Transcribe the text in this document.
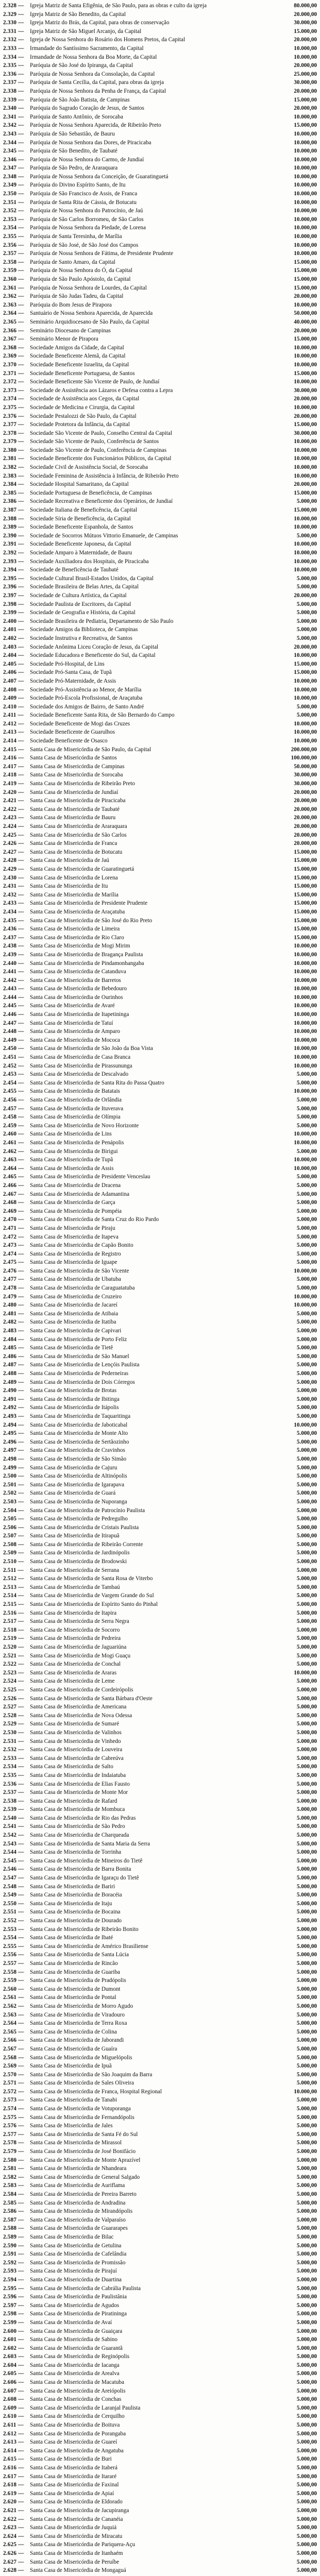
2.328 —	Igreja Matriz de Santa Efigênia, de São Paulo, para as obras e culto da igreja	80.000,00
2.329 —	Igreja Matriz de São Benedito, da Capital	20.000,00
2.330 —	Igreja Matriz do Brás, da Capital, para obras de conservação	30.000,00
2.331 —	Igreja Matriz de São Miguel Arcanjo, da Capital	15.000,00
2.332 —	Igreja de Nossa Senhora do Rosário dos Homens Pretos, da Capital	20.000,00
2.333 —	Irmandade do Santíssimo Sacramento, da Capital	10.000,00
2.334 —	Irmandade de Nossa Senhora da Boa Morte, da Capital	10.000,00
2.335 —	Paróquia de São José do Ipiranga, da Capital	20.000,00
2.336 —	Paróquia de Nossa Senhora da Consolação, da Capital	25.000,00
2.337 —	Paróquia de Santa Cecília, da Capital, para obras da igreja	30.000,00
2.338 —	Paróquia de Nossa Senhora da Penha de França, da Capital	20.000,00
2.339 —	Paróquia de São João Batista, de Campinas	15.000,00
2.340 —	Paróquia do Sagrado Coração de Jesus, de Santos	20.000,00
2.341 —	Paróquia de Santo Antônio, de Sorocaba	10.000,00
2.342 —	Paróquia de Nossa Senhora Aparecida, de Ribeirão Preto	15.000,00
2.343 —	Paróquia de São Sebastião, de Bauru	10.000,00
2.344 —	Paróquia de Nossa Senhora das Dores, de Piracicaba	10.000,00
2.345 —	Paróquia de São Benedito, de Taubaté	10.000,00
2.346 —	Paróquia de Nossa Senhora do Carmo, de Jundiaí	10.000,00
2.347 —	Paróquia de São Pedro, de Araraquara	10.000,00
2.348 —	Paróquia de Nossa Senhora da Conceição, de Guaratinguetá	10.000,00
2.349 —	Paróquia do Divino Espírito Santo, de Itu	10.000,00
2.350 —	Paróquia de São Francisco de Assis, de Franca	10.000,00
2.351 —	Paróquia de Santa Rita de Cássia, de Botucatu	10.000,00
2.352 —	Paróquia de Nossa Senhora do Patrocínio, de Jaú	10.000,00
2.353 —	Paróquia de São Carlos Borromeu, de São Carlos	10.000,00
2.354 —	Paróquia de Nossa Senhora da Piedade, de Lorena	10.000,00
2.355 —	Paróquia de Santa Teresinha, de Marília	10.000,00
2.356 —	Paróquia de São José, de São José dos Campos	10.000,00
2.357 —	Paróquia de Nossa Senhora de Fátima, de Presidente Prudente	10.000,00
2.358 —	Paróquia de Santo Amaro, da Capital	15.000,00
2.359 —	Paróquia de Nossa Senhora do Ó, da Capital	15.000,00
2.360 —	Paróquia de São Paulo Apóstolo, da Capital	15.000,00
2.361 —	Paróquia de Nossa Senhora de Lourdes, da Capital	15.000,00
2.362 —	Paróquia de São Judas Tadeu, da Capital	20.000,00
2.363 —	Paróquia do Bom Jesus de Pirapora	10.000,00
2.364 —	Santuário de Nossa Senhora Aparecida, de Aparecida	50.000,00
2.365 —	Seminário Arquidiocesano de São Paulo, da Capital	40.000,00
2.366 —	Seminário Diocesano de Campinas	20.000,00
2.367 —	Seminário Menor de Pirapora	15.000,00
2.368 —	Sociedade Amigos da Cidade, da Capital	10.000,00
2.369 —	Sociedade Beneficente Alemã, da Capital	10.000,00
2.370 —	Sociedade Beneficente Israelita, da Capital	10.000,00
2.371 —	Sociedade Beneficente Portuguesa, de Santos	15.000,00
2.372 —	Sociedade Beneficente São Vicente de Paulo, de Jundiaí	10.000,00
2.373 —	Sociedade de Assistência aos Lázaros e Defesa contra a Lepra	30.000,00
2.374 —	Sociedade de Assistência aos Cegos, da Capital	20.000,00
2.375 —	Sociedade de Medicina e Cirurgia, da Capital	10.000,00
2.376 —	Sociedade Pestalozzi de São Paulo, da Capital	20.000,00
2.377 —	Sociedade Protetora da Infância, da Capital	15.000,00
2.378 —	Sociedade São Vicente de Paulo, Conselho Central da Capital	30.000,00
2.379 —	Sociedade São Vicente de Paulo, Conferência de Santos	10.000,00
2.380 —	Sociedade São Vicente de Paulo, Conferência de Campinas	10.000,00
2.381 —	Sociedade Beneficente dos Funcionários Públicos, da Capital	10.000,00
2.382 —	Sociedade Civil de Assistência Social, de Sorocaba	10.000,00
2.383 —	Sociedade Feminina de Assistência à Infância, de Ribeirão Preto	10.000,00
2.384 —	Sociedade Hospital Samaritano, da Capital	20.000,00
2.385 —	Sociedade Portuguesa de Beneficência, de Campinas	15.000,00
2.386 —	Sociedade Recreativa e Beneficente dos Operários, de Jundiaí	5.000,00
2.387 —	Sociedade Italiana de Beneficência, da Capital	15.000,00
2.388 —	Sociedade Síria de Beneficência, da Capital	10.000,00
2.389 —	Sociedade Beneficente Espanhola, de Santos	10.000,00
2.390 —	Sociedade de Socorros Mútuos Vittorio Emanuele, de Campinas	5.000,00
2.391 —	Sociedade Beneficente Japonesa, da Capital	10.000,00
2.392 —	Sociedade Amparo à Maternidade, de Bauru	10.000,00
2.393 —	Sociedade Auxiliadora dos Hospitais, de Piracicaba	10.000,00
2.394 —	Sociedade de Beneficência de Taubaté	10.000,00
2.395 —	Sociedade Cultural Brasil-Estados Unidos, da Capital	5.000,00
2.396 —	Sociedade Brasileira de Belas Artes, da Capital	5.000,00
2.397 —	Sociedade de Cultura Artística, da Capital	20.000,00
2.398 —	Sociedade Paulista de Escritores, da Capital	5.000,00
2.399 —	Sociedade de Geografia e História, da Capital	5.000,00
2.400 —	Sociedade Brasileira de Pediatria, Departamento de São Paulo	5.000,00
2.401 —	Sociedade Amigos da Biblioteca, de Campinas	5.000,00
2.402 —	Sociedade Instrutiva e Recreativa, de Santos	5.000,00
2.403 —	Sociedade Anônima Liceu Coração de Jesus, da Capital	20.000,00
2.404 —	Sociedade Educadora e Beneficente do Sul, da Capital	10.000,00
2.405 —	Sociedade Pró-Hospital, de Lins	15.000,00
2.406 —	Sociedade Pró-Santa Casa, de Tupã	15.000,00
2.407 —	Sociedade Pró-Maternidade, de Assis	10.000,00
2.408 —	Sociedade Pró-Assistência ao Menor, de Marília	10.000,00
2.409 —	Sociedade Pró-Escola Profissional, de Araçatuba	10.000,00
2.410 —	Sociedade dos Amigos de Bairro, de Santo André	5.000,00
2.411 —	Sociedade Beneficente Santa Rita, de São Bernardo do Campo	5.000,00
2.412 —	Sociedade Beneficente de Mogi das Cruzes	10.000,00
2.413 —	Sociedade Beneficente de Guarulhos	10.000,00
2.414 —	Sociedade Beneficente de Osasco	10.000,00
2.415 —	Santa Casa de Misericórdia de São Paulo, da Capital	200.000,00
2.416 —	Santa Casa de Misericórdia de Santos	100.000,00
2.417 —	Santa Casa de Misericórdia de Campinas	50.000,00
2.418 —	Santa Casa de Misericórdia de Sorocaba	30.000,00
2.419 —	Santa Casa de Misericórdia de Ribeirão Preto	30.000,00
2.420 —	Santa Casa de Misericórdia de Jundiaí	20.000,00
2.421 —	Santa Casa de Misericórdia de Piracicaba	20.000,00
2.422 —	Santa Casa de Misericórdia de Taubaté	20.000,00
2.423 —	Santa Casa de Misericórdia de Bauru	20.000,00
2.424 —	Santa Casa de Misericórdia de Araraquara	20.000,00
2.425 —	Santa Casa de Misericórdia de São Carlos	20.000,00
2.426 —	Santa Casa de Misericórdia de Franca	20.000,00
2.427 —	Santa Casa de Misericórdia de Botucatu	15.000,00
2.428 —	Santa Casa de Misericórdia de Jaú	15.000,00
2.429 —	Santa Casa de Misericórdia de Guaratinguetá	15.000,00
2.430 —	Santa Casa de Misericórdia de Lorena	15.000,00
2.431 —	Santa Casa de Misericórdia de Itu	15.000,00
2.432 —	Santa Casa de Misericórdia de Marília	15.000,00
2.433 —	Santa Casa de Misericórdia de Presidente Prudente	15.000,00
2.434 —	Santa Casa de Misericórdia de Araçatuba	15.000,00
2.435 —	Santa Casa de Misericórdia de São José do Rio Preto	15.000,00
2.436 —	Santa Casa de Misericórdia de Limeira	15.000,00
2.437 —	Santa Casa de Misericórdia de Rio Claro	15.000,00
2.438 —	Santa Casa de Misericórdia de Mogi Mirim	10.000,00
2.439 —	Santa Casa de Misericórdia de Bragança Paulista	10.000,00
2.440 —	Santa Casa de Misericórdia de Pindamonhangaba	10.000,00
2.441 —	Santa Casa de Misericórdia de Catanduva	10.000,00
2.442 —	Santa Casa de Misericórdia de Barretos	10.000,00
2.443 —	Santa Casa de Misericórdia de Bebedouro	10.000,00
2.444 —	Santa Casa de Misericórdia de Ourinhos	10.000,00
2.445 —	Santa Casa de Misericórdia de Avaré	10.000,00
2.446 —	Santa Casa de Misericórdia de Itapetininga	10.000,00
2.447 —	Santa Casa de Misericórdia de Tatuí	10.000,00
2.448 —	Santa Casa de Misericórdia de Amparo	10.000,00
2.449 —	Santa Casa de Misericórdia de Mococa	10.000,00
2.450 —	Santa Casa de Misericórdia de São João da Boa Vista	10.000,00
2.451 —	Santa Casa de Misericórdia de Casa Branca	10.000,00
2.452 —	Santa Casa de Misericórdia de Pirassununga	10.000,00
2.453 —	Santa Casa de Misericórdia de Descalvado	5.000,00
2.454 —	Santa Casa de Misericórdia de Santa Rita do Passa Quatro	5.000,00
2.455 —	Santa Casa de Misericórdia de Batatais	10.000,00
2.456 —	Santa Casa de Misericórdia de Orlândia	5.000,00
2.457 —	Santa Casa de Misericórdia de Ituverava	5.000,00
2.458 —	Santa Casa de Misericórdia de Olímpia	5.000,00
2.459 —	Santa Casa de Misericórdia de Novo Horizonte	5.000,00
2.460 —	Santa Casa de Misericórdia de Lins	10.000,00
2.461 —	Santa Casa de Misericórdia de Penápolis	10.000,00
2.462 —	Santa Casa de Misericórdia de Birigui	5.000,00
2.463 —	Santa Casa de Misericórdia de Tupã	10.000,00
2.464 —	Santa Casa de Misericórdia de Assis	10.000,00
2.465 —	Santa Casa de Misericórdia de Presidente Venceslau	5.000,00
2.466 —	Santa Casa de Misericórdia de Dracena	5.000,00
2.467 —	Santa Casa de Misericórdia de Adamantina	5.000,00
2.468 —	Santa Casa de Misericórdia de Garça	5.000,00
2.469 —	Santa Casa de Misericórdia de Pompéia	5.000,00
2.470 —	Santa Casa de Misericórdia de Santa Cruz do Rio Pardo	5.000,00
2.471 —	Santa Casa de Misericórdia de Piraju	5.000,00
2.472 —	Santa Casa de Misericórdia de Itapeva	5.000,00
2.473 —	Santa Casa de Misericórdia de Capão Bonito	5.000,00
2.474 —	Santa Casa de Misericórdia de Registro	5.000,00
2.475 —	Santa Casa de Misericórdia de Iguape	5.000,00
2.476 —	Santa Casa de Misericórdia de São Vicente	10.000,00
2.477 —	Santa Casa de Misericórdia de Ubatuba	5.000,00
2.478 —	Santa Casa de Misericórdia de Caraguatatuba	5.000,00
2.479 —	Santa Casa de Misericórdia de Cruzeiro	10.000,00
2.480 —	Santa Casa de Misericórdia de Jacareí	10.000,00
2.481 —	Santa Casa de Misericórdia de Atibaia	5.000,00
2.482 —	Santa Casa de Misericórdia de Itatiba	5.000,00
2.483 —	Santa Casa de Misericórdia de Capivari	5.000,00
2.484 —	Santa Casa de Misericórdia de Porto Feliz	5.000,00
2.485 —	Santa Casa de Misericórdia de Tietê	5.000,00
2.486 —	Santa Casa de Misericórdia de São Manuel	5.000,00
2.487 —	Santa Casa de Misericórdia de Lençóis Paulista	5.000,00
2.488 —	Santa Casa de Misericórdia de Pederneiras	5.000,00
2.489 —	Santa Casa de Misericórdia de Dois Córregos	5.000,00
2.490 —	Santa Casa de Misericórdia de Brotas	5.000,00
2.491 —	Santa Casa de Misericórdia de Ibitinga	5.000,00
2.492 —	Santa Casa de Misericórdia de Itápolis	5.000,00
2.493 —	Santa Casa de Misericórdia de Taquaritinga	5.000,00
2.494 —	Santa Casa de Misericórdia de Jaboticabal	10.000,00
2.495 —	Santa Casa de Misericórdia de Monte Alto	5.000,00
2.496 —	Santa Casa de Misericórdia de Sertãozinho	5.000,00
2.497 —	Santa Casa de Misericórdia de Cravinhos	5.000,00
2.498 —	Santa Casa de Misericórdia de São Simão	5.000,00
2.499 —	Santa Casa de Misericórdia de Cajuru	5.000,00
2.500 —	Santa Casa de Misericórdia de Altinópolis	5.000,00
2.501 —	Santa Casa de Misericórdia de Igarapava	5.000,00
2.502 —	Santa Casa de Misericórdia de Guará	5.000,00
2.503 —	Santa Casa de Misericórdia de Nuporanga	5.000,00
2.504 —	Santa Casa de Misericórdia de Patrocínio Paulista	5.000,00
2.505 —	Santa Casa de Misericórdia de Pedregulho	5.000,00
2.506 —	Santa Casa de Misericórdia de Cristais Paulista	5.000,00
2.507 —	Santa Casa de Misericórdia de Itirapuã	5.000,00
2.508 —	Santa Casa de Misericórdia de Ribeirão Corrente	5.000,00
2.509 —	Santa Casa de Misericórdia de Jardinópolis	5.000,00
2.510 —	Santa Casa de Misericórdia de Brodowski	5.000,00
2.511 —	Santa Casa de Misericórdia de Serrana	5.000,00
2.512 —	Santa Casa de Misericórdia de Santa Rosa de Viterbo	5.000,00
2.513 —	Santa Casa de Misericórdia de Tambaú	5.000,00
2.514 —	Santa Casa de Misericórdia de Vargem Grande do Sul	5.000,00
2.515 —	Santa Casa de Misericórdia de Espírito Santo do Pinhal	5.000,00
2.516 —	Santa Casa de Misericórdia de Itapira	5.000,00
2.517 —	Santa Casa de Misericórdia de Serra Negra	5.000,00
2.518 —	Santa Casa de Misericórdia de Socorro	5.000,00
2.519 —	Santa Casa de Misericórdia de Pedreira	5.000,00
2.520 —	Santa Casa de Misericórdia de Jaguariúna	5.000,00
2.521 —	Santa Casa de Misericórdia de Mogi Guaçu	5.000,00
2.522 —	Santa Casa de Misericórdia de Conchal	5.000,00
2.523 —	Santa Casa de Misericórdia de Araras	10.000,00
2.524 —	Santa Casa de Misericórdia de Leme	5.000,00
2.525 —	Santa Casa de Misericórdia de Cordeirópolis	5.000,00
2.526 —	Santa Casa de Misericórdia de Santa Bárbara d'Oeste	5.000,00
2.527 —	Santa Casa de Misericórdia de Americana	5.000,00
2.528 —	Santa Casa de Misericórdia de Nova Odessa	5.000,00
2.529 —	Santa Casa de Misericórdia de Sumaré	5.000,00
2.530 —	Santa Casa de Misericórdia de Valinhos	5.000,00
2.531 —	Santa Casa de Misericórdia de Vinhedo	5.000,00
2.532 —	Santa Casa de Misericórdia de Louveira	5.000,00
2.533 —	Santa Casa de Misericórdia de Cabreúva	5.000,00
2.534 —	Santa Casa de Misericórdia de Salto	5.000,00
2.535 —	Santa Casa de Misericórdia de Indaiatuba	5.000,00
2.536 —	Santa Casa de Misericórdia de Elias Fausto	5.000,00
2.537 —	Santa Casa de Misericórdia de Monte Mor	5.000,00
2.538 —	Santa Casa de Misericórdia de Rafard	5.000,00
2.539 —	Santa Casa de Misericórdia de Mombuca	5.000,00
2.540 —	Santa Casa de Misericórdia de Rio das Pedras	5.000,00
2.541 —	Santa Casa de Misericórdia de São Pedro	5.000,00
2.542 —	Santa Casa de Misericórdia de Charqueada	5.000,00
2.543 —	Santa Casa de Misericórdia de Santa Maria da Serra	5.000,00
2.544 —	Santa Casa de Misericórdia de Torrinha	5.000,00
2.545 —	Santa Casa de Misericórdia de Mineiros do Tietê	5.000,00
2.546 —	Santa Casa de Misericórdia de Barra Bonita	5.000,00
2.547 —	Santa Casa de Misericórdia de Igaraçu do Tietê	5.000,00
2.548 —	Santa Casa de Misericórdia de Bariri	5.000,00
2.549 —	Santa Casa de Misericórdia de Boracéia	5.000,00
2.550 —	Santa Casa de Misericórdia de Itaju	5.000,00
2.551 —	Santa Casa de Misericórdia de Bocaina	5.000,00
2.552 —	Santa Casa de Misericórdia de Dourado	5.000,00
2.553 —	Santa Casa de Misericórdia de Ribeirão Bonito	5.000,00
2.554 —	Santa Casa de Misericórdia de Ibaté	5.000,00
2.555 —	Santa Casa de Misericórdia de Américo Brasiliense	5.000,00
2.556 —	Santa Casa de Misericórdia de Santa Lúcia	5.000,00
2.557 —	Santa Casa de Misericórdia de Rincão	5.000,00
2.558 —	Santa Casa de Misericórdia de Guariba	5.000,00
2.559 —	Santa Casa de Misericórdia de Pradópolis	5.000,00
2.560 —	Santa Casa de Misericórdia de Dumont	5.000,00
2.561 —	Santa Casa de Misericórdia de Pontal	5.000,00
2.562 —	Santa Casa de Misericórdia de Morro Agudo	5.000,00
2.563 —	Santa Casa de Misericórdia de Viradouro	5.000,00
2.564 —	Santa Casa de Misericórdia de Terra Roxa	5.000,00
2.565 —	Santa Casa de Misericórdia de Colina	5.000,00
2.566 —	Santa Casa de Misericórdia de Jaborandi	5.000,00
2.567 —	Santa Casa de Misericórdia de Guaíra	5.000,00
2.568 —	Santa Casa de Misericórdia de Miguelópolis	5.000,00
2.569 —	Santa Casa de Misericórdia de Ipuã	5.000,00
2.570 —	Santa Casa de Misericórdia de São Joaquim da Barra	5.000,00
2.571 —	Santa Casa de Misericórdia de Sales Oliveira	5.000,00
2.572 —	Santa Casa de Misericórdia de Franca, Hospital Regional	10.000,00
2.573 —	Santa Casa de Misericórdia de Tanabi	5.000,00
2.574 —	Santa Casa de Misericórdia de Votuporanga	5.000,00
2.575 —	Santa Casa de Misericórdia de Fernandópolis	5.000,00
2.576 —	Santa Casa de Misericórdia de Jales	5.000,00
2.577 —	Santa Casa de Misericórdia de Santa Fé do Sul	5.000,00
2.578 —	Santa Casa de Misericórdia de Mirassol	5.000,00
2.579 —	Santa Casa de Misericórdia de José Bonifácio	5.000,00
2.580 —	Santa Casa de Misericórdia de Monte Aprazível	5.000,00
2.581 —	Santa Casa de Misericórdia de Nhandeara	5.000,00
2.582 —	Santa Casa de Misericórdia de General Salgado	5.000,00
2.583 —	Santa Casa de Misericórdia de Auriflama	5.000,00
2.584 —	Santa Casa de Misericórdia de Pereira Barreto	5.000,00
2.585 —	Santa Casa de Misericórdia de Andradina	5.000,00
2.586 —	Santa Casa de Misericórdia de Mirandópolis	5.000,00
2.587 —	Santa Casa de Misericórdia de Valparaíso	5.000,00
2.588 —	Santa Casa de Misericórdia de Guararapes	5.000,00
2.589 —	Santa Casa de Misericórdia de Bilac	5.000,00
2.590 —	Santa Casa de Misericórdia de Getulina	5.000,00
2.591 —	Santa Casa de Misericórdia de Cafelândia	5.000,00
2.592 —	Santa Casa de Misericórdia de Promissão	5.000,00
2.593 —	Santa Casa de Misericórdia de Pirajuí	5.000,00
2.594 —	Santa Casa de Misericórdia de Duartina	5.000,00
2.595 —	Santa Casa de Misericórdia de Cabrália Paulista	5.000,00
2.596 —	Santa Casa de Misericórdia de Paulistânia	5.000,00
2.597 —	Santa Casa de Misericórdia de Agudos	5.000,00
2.598 —	Santa Casa de Misericórdia de Piratininga	5.000,00
2.599 —	Santa Casa de Misericórdia de Avaí	5.000,00
2.600 —	Santa Casa de Misericórdia de Guaiçara	5.000,00
2.601 —	Santa Casa de Misericórdia de Sabino	5.000,00
2.602 —	Santa Casa de Misericórdia de Guarantã	5.000,00
2.603 —	Santa Casa de Misericórdia de Reginópolis	5.000,00
2.604 —	Santa Casa de Misericórdia de Iacanga	5.000,00
2.605 —	Santa Casa de Misericórdia de Arealva	5.000,00
2.606 —	Santa Casa de Misericórdia de Macatuba	5.000,00
2.607 —	Santa Casa de Misericórdia de Areiópolis	5.000,00
2.608 —	Santa Casa de Misericórdia de Conchas	5.000,00
2.609 —	Santa Casa de Misericórdia de Laranjal Paulista	5.000,00
2.610 —	Santa Casa de Misericórdia de Cerquilho	5.000,00
2.611 —	Santa Casa de Misericórdia de Boituva	5.000,00
2.612 —	Santa Casa de Misericórdia de Porangaba	5.000,00
2.613 —	Santa Casa de Misericórdia de Guareí	5.000,00
2.614 —	Santa Casa de Misericórdia de Angatuba	5.000,00
2.615 —	Santa Casa de Misericórdia de Buri	5.000,00
2.616 —	Santa Casa de Misericórdia de Itaberá	5.000,00
2.617 —	Santa Casa de Misericórdia de Itararé	5.000,00
2.618 —	Santa Casa de Misericórdia de Faxinal	5.000,00
2.619 —	Santa Casa de Misericórdia de Apiaí	5.000,00
2.620 —	Santa Casa de Misericórdia de Eldorado	5.000,00
2.621 —	Santa Casa de Misericórdia de Jacupiranga	5.000,00
2.622 —	Santa Casa de Misericórdia de Cananéia	5.000,00
2.623 —	Santa Casa de Misericórdia de Juquiá	5.000,00
2.624 —	Santa Casa de Misericórdia de Miracatu	5.000,00
2.625 —	Santa Casa de Misericórdia de Pariquera-Açu	5.000,00
2.626 —	Santa Casa de Misericórdia de Itanhaém	5.000,00
2.627 —	Santa Casa de Misericórdia de Peruíbe	5.000,00
2.628 —	Santa Casa de Misericórdia de Mongaguá	5.000,00
